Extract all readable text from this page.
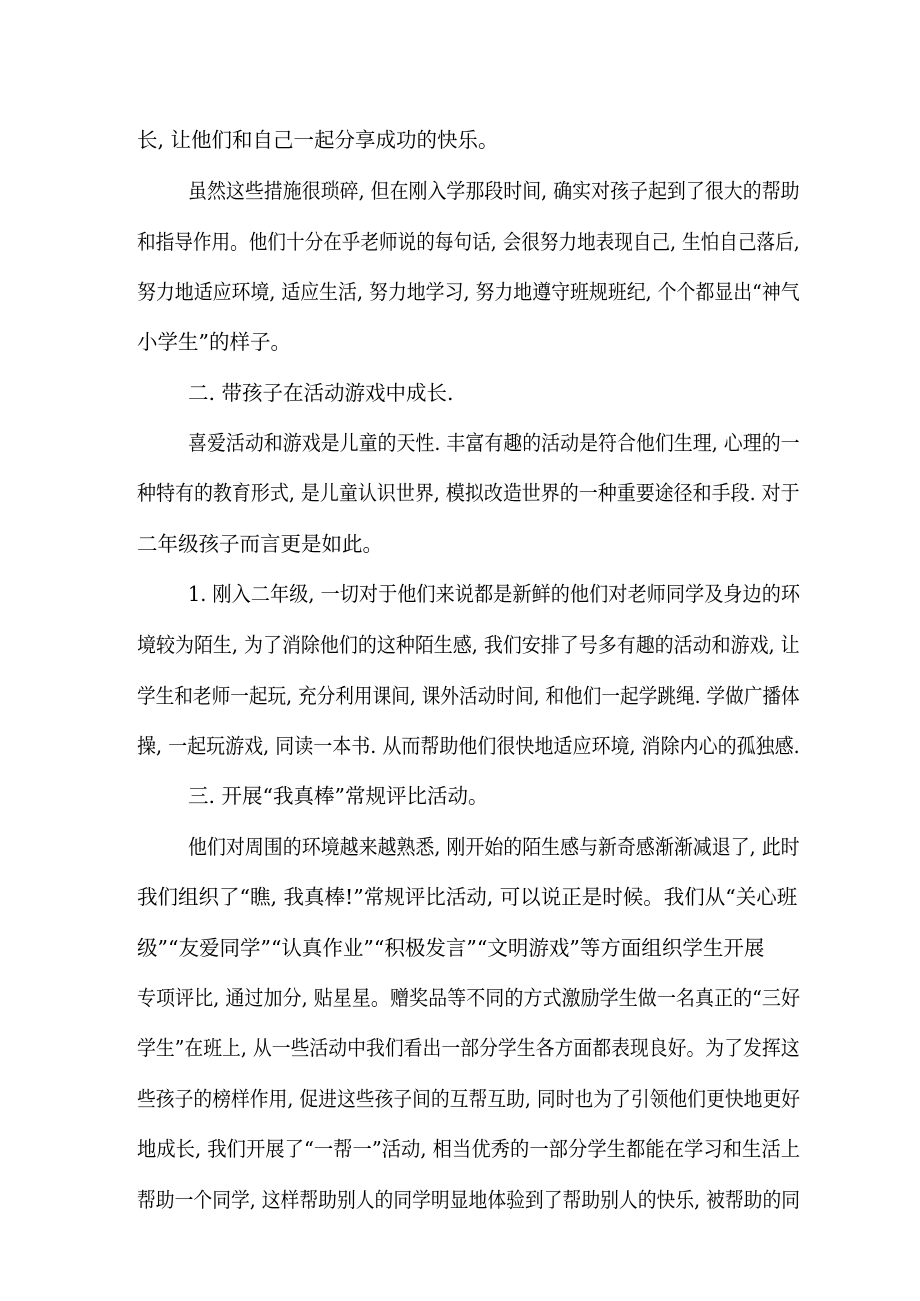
长, 让他们和自己一起分享成功的快乐。
虽然这些措施很琐碎, 但在刚入学那段时间, 确实对孩子起到了很大的帮助
和指导作用。他们十分在乎老师说的每句话, 会很努力地表现自己, 生怕自己落后,
努力地适应环境, 适应生活, 努力地学习, 努力地遵守班规班纪, 个个都显出“神气
小学生”的样子。
二. 带孩子在活动游戏中成长.
喜爱活动和游戏是儿童的天性. 丰富有趣的活动是符合他们生理, 心理的一
种特有的教育形式, 是儿童认识世界, 模拟改造世界的一种重要途径和手段. 对于
二年级孩子而言更是如此。
1. 刚入二年级, 一切对于他们来说都是新鲜的他们对老师同学及身边的环
境较为陌生, 为了消除他们的这种陌生感, 我们安排了号多有趣的活动和游戏, 让
学生和老师一起玩, 充分利用课间, 课外活动时间, 和他们一起学跳绳. 学做广播体
操, 一起玩游戏, 同读一本书. 从而帮助他们很快地适应环境, 消除内心的孤独感.
三. 开展“我真棒”常规评比活动。
他们对周围的环境越来越熟悉, 刚开始的陌生感与新奇感渐渐减退了, 此时
我们组织了“瞧, 我真棒!”常规评比活动, 可以说正是时候。我们从“关心班
级”“友爱同学”“认真作业”“积极发言”“文明游戏”等方面组织学生开展
专项评比, 通过加分, 贴星星。赠奖品等不同的方式激励学生做一名真正的“三好
学生”在班上, 从一些活动中我们看出一部分学生各方面都表现良好。为了发挥这
些孩子的榜样作用, 促进这些孩子间的互帮互助, 同时也为了引领他们更快地更好
地成长, 我们开展了“一帮一”活动, 相当优秀的一部分学生都能在学习和生活上
帮助一个同学, 这样帮助别人的同学明显地体验到了帮助别人的快乐, 被帮助的同
